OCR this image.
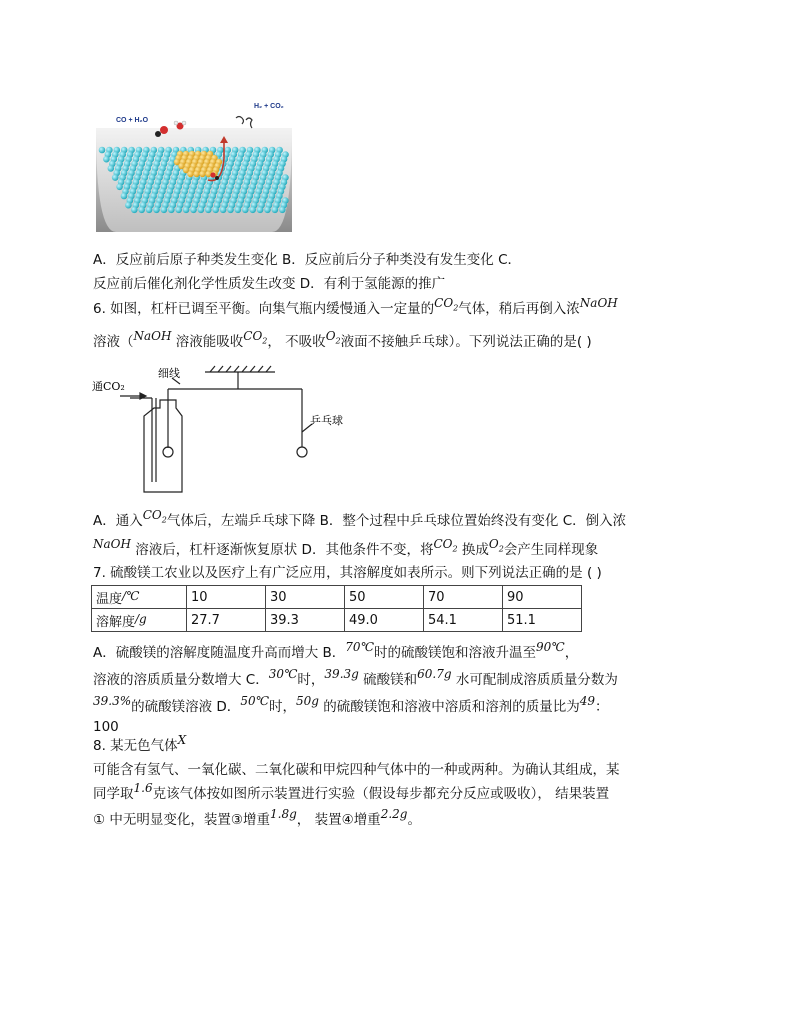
CO + H₂O
H₂ + CO₂
A．反应前后原子种类发生变化 B．反应前后分子种类没有发生变化 C．
反应前后催化剂化学性质发生改变 D．有利于氢能源的推广
6. 如图，杠杆已调至平衡。向集气瓶内缓慢通入一定量的$CO_2$气体，稍后再倒入浓NaOH
溶液（NaOH 溶液能吸收$CO_2$， 不吸收$O_2$液面不接触乒乓球）。下列说法正确的是( )
通CO₂
细线
乒乓球
A．通入$CO_2$气体后，左端乒乓球下降 B．整个过程中乒乓球位置始终没有变化 C．倒入浓
NaOH 溶液后，杠杆逐渐恢复原状 D．其他条件不变，将$CO_2$ 换成$O_2$会产生同样现象
7. 硫酸镁工农业以及医疗上有广泛应用，其溶解度如表所示。则下列说法正确的是 ( )
温度/℃	10	30	50	70	90
溶解度/g	27.7	39.3	49.0	54.1	51.1
A．硫酸镁的溶解度随温度升高而增大 B．70℃时的硫酸镁饱和溶液升温至90℃，
溶液的溶质质量分数增大 C．30℃时，39.3g 硫酸镁和60.7g 水可配制成溶质质量分数为
39.3%的硫酸镁溶液 D．50℃时，50g 的硫酸镁饱和溶液中溶质和溶剂的质量比为49：
100
8. 某无色气体X
可能含有氢气、一氧化碳、二氧化碳和甲烷四种气体中的一种或两种。为确认其组成，某
同学取1.6克该气体按如图所示装置进行实验（假设每步都充分反应或吸收）， 结果装置
① 中无明显变化，装置③增重1.8g， 装置④增重2.2g。
